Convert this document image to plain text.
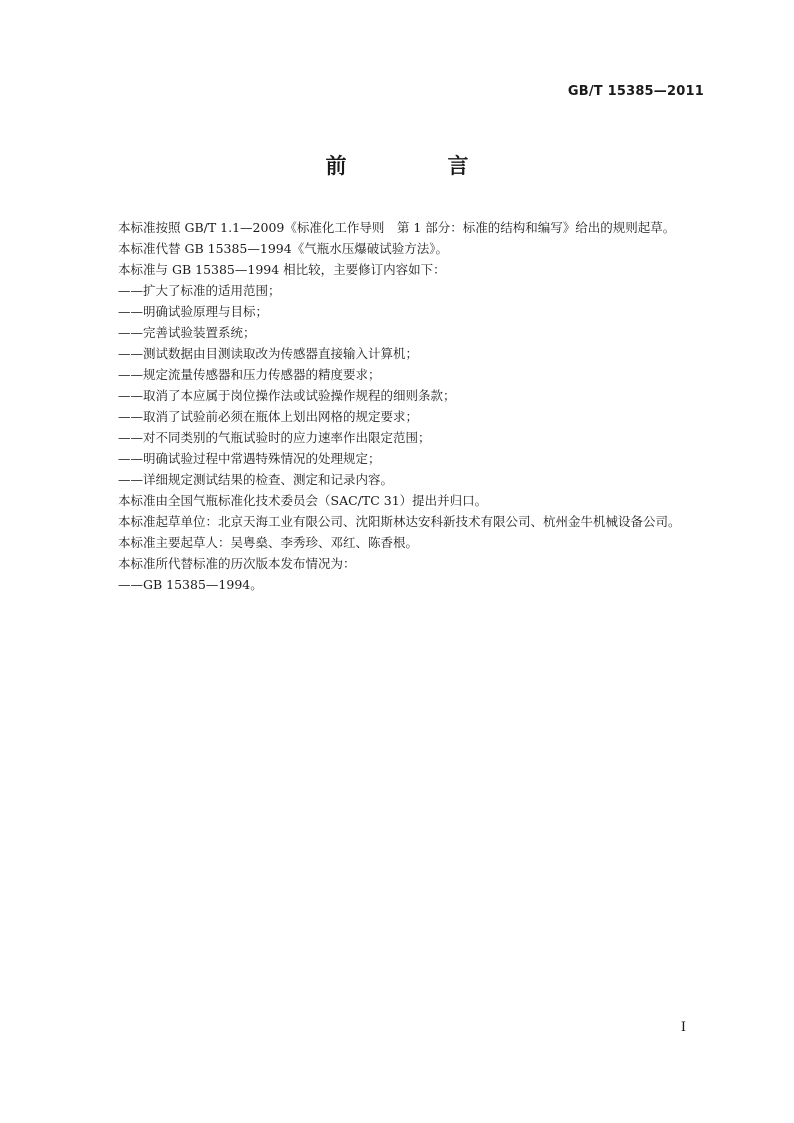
GB/T 15385—2011
前　言

本标准按照 GB/T 1.1—2009《标准化工作导则　第 1 部分：标准的结构和编写》给出的规则起草。

本标准代替 GB 15385—1994《气瓶水压爆破试验方法》。

本标准与 GB 15385—1994 相比较，主要修订内容如下：

——扩大了标准的适用范围；

——明确试验原理与目标；

——完善试验装置系统；

——测试数据由目测读取改为传感器直接输入计算机；

——规定流量传感器和压力传感器的精度要求；

——取消了本应属于岗位操作法或试验操作规程的细则条款；

——取消了试验前必须在瓶体上划出网格的规定要求；

——对不同类别的气瓶试验时的应力速率作出限定范围；

——明确试验过程中常遇特殊情况的处理规定；

——详细规定测试结果的检查、测定和记录内容。

本标准由全国气瓶标准化技术委员会（SAC/TC 31）提出并归口。

本标准起草单位：北京天海工业有限公司、沈阳斯林达安科新技术有限公司、杭州金牛机械设备公司。

本标准主要起草人：吴粤燊、李秀珍、邓红、陈香根。

本标准所代替标准的历次版本发布情况为：

——GB 15385—1994。

I
